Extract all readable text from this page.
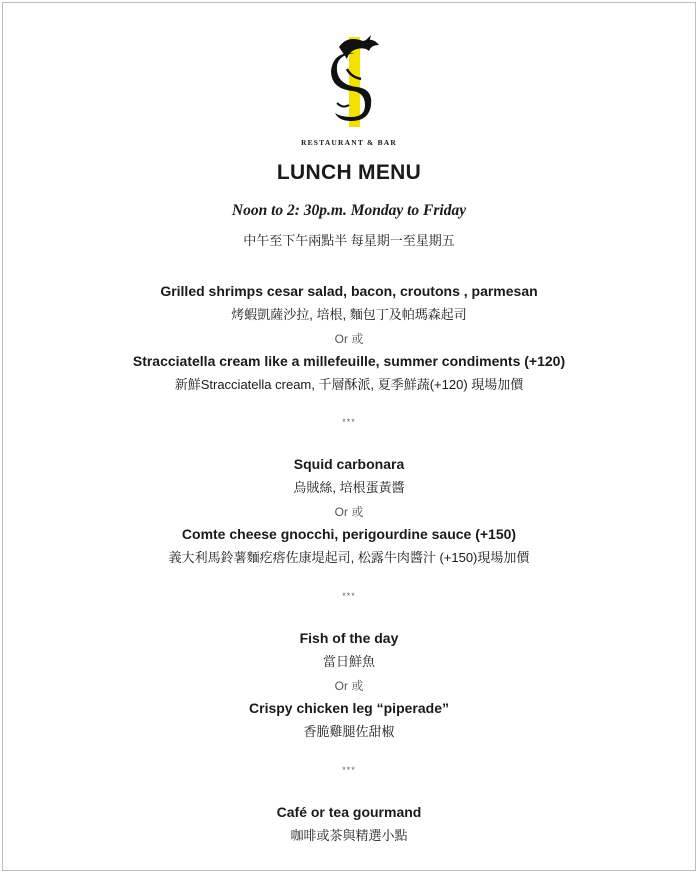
RESTAURANT & BAR
LUNCH MENU
Noon to 2: 30p.m. Monday to Friday
中午至下午兩點半 每星期一至星期五
Grilled shrimps cesar salad, bacon, croutons , parmesan
烤蝦凱薩沙拉, 培根, 麵包丁及帕瑪森起司
Or 或
Stracciatella cream like a millefeuille, summer condiments (+120)
新鮮Stracciatella cream, 千層酥派, 夏季鮮蔬(+120) 現場加價
***
Squid carbonara
烏賊絲, 培根蛋黃醬
Or 或
Comte cheese gnocchi, perigourdine sauce (+150)
義大利馬鈴薯麵疙瘩佐康堤起司, 松露牛肉醬汁 (+150)現場加價
***
Fish of the day
當日鮮魚
Or 或
Crispy chicken leg “piperade”
香脆雞腿佐甜椒
***
Café or tea gourmand
咖啡或茶與精選小點
